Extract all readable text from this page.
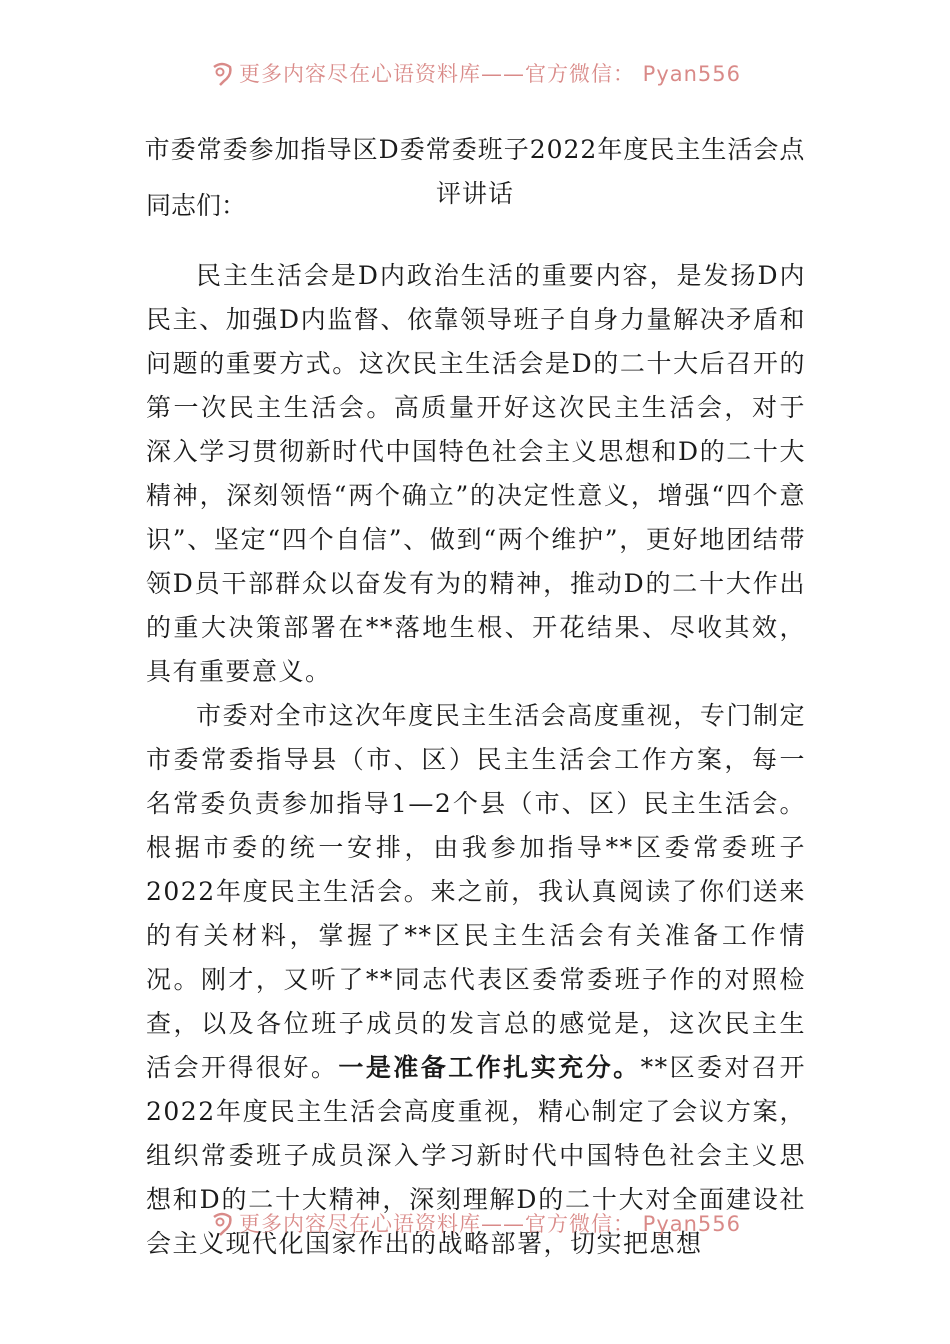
更多内容尽在心语资料库——官方微信： Pyan556
市委常委参加指导区D委常委班子2022年度民主生活会点评讲话
同志们：

民主生活会是D内政治生活的重要内容，是发扬D内民主、加强D内监督、依靠领导班子自身力量解决矛盾和问题的重要方式。这次民主生活会是D的二十大后召开的第一次民主生活会。高质量开好这次民主生活会，对于深入学习贯彻新时代中国特色社会主义思想和D的二十大精神，深刻领悟“两个确立”的决定性意义，增强“四个意识”、坚定“四个自信”、做到“两个维护”，更好地团结带领D员干部群众以奋发有为的精神，推动D的二十大作出的重大决策部署在**落地生根、开花结果、尽收其效，具有重要意义。

市委对全市这次年度民主生活会高度重视，专门制定市委常委指导县（市、区）民主生活会工作方案，每一名常委负责参加指导1—2个县（市、区）民主生活会。根据市委的统一安排，由我参加指导**区委常委班子2022年度民主生活会。来之前，我认真阅读了你们送来的有关材料，掌握了**区民主生活会有关准备工作情况。刚才，又听了**同志代表区委常委班子作的对照检查，以及各位班子成员的发言总的感觉是，这次民主生活会开得很好。一是准备工作扎实充分。**区委对召开2022年度民主生活会高度重视，精心制定了会议方案，组织常委班子成员深入学习新时代中国特色社会主义思想和D的二十大精神，深刻理解D的二十大对全面建设社会主义现代化国家作出的战略部署，切实把思想

更多内容尽在心语资料库——官方微信： Pyan556
